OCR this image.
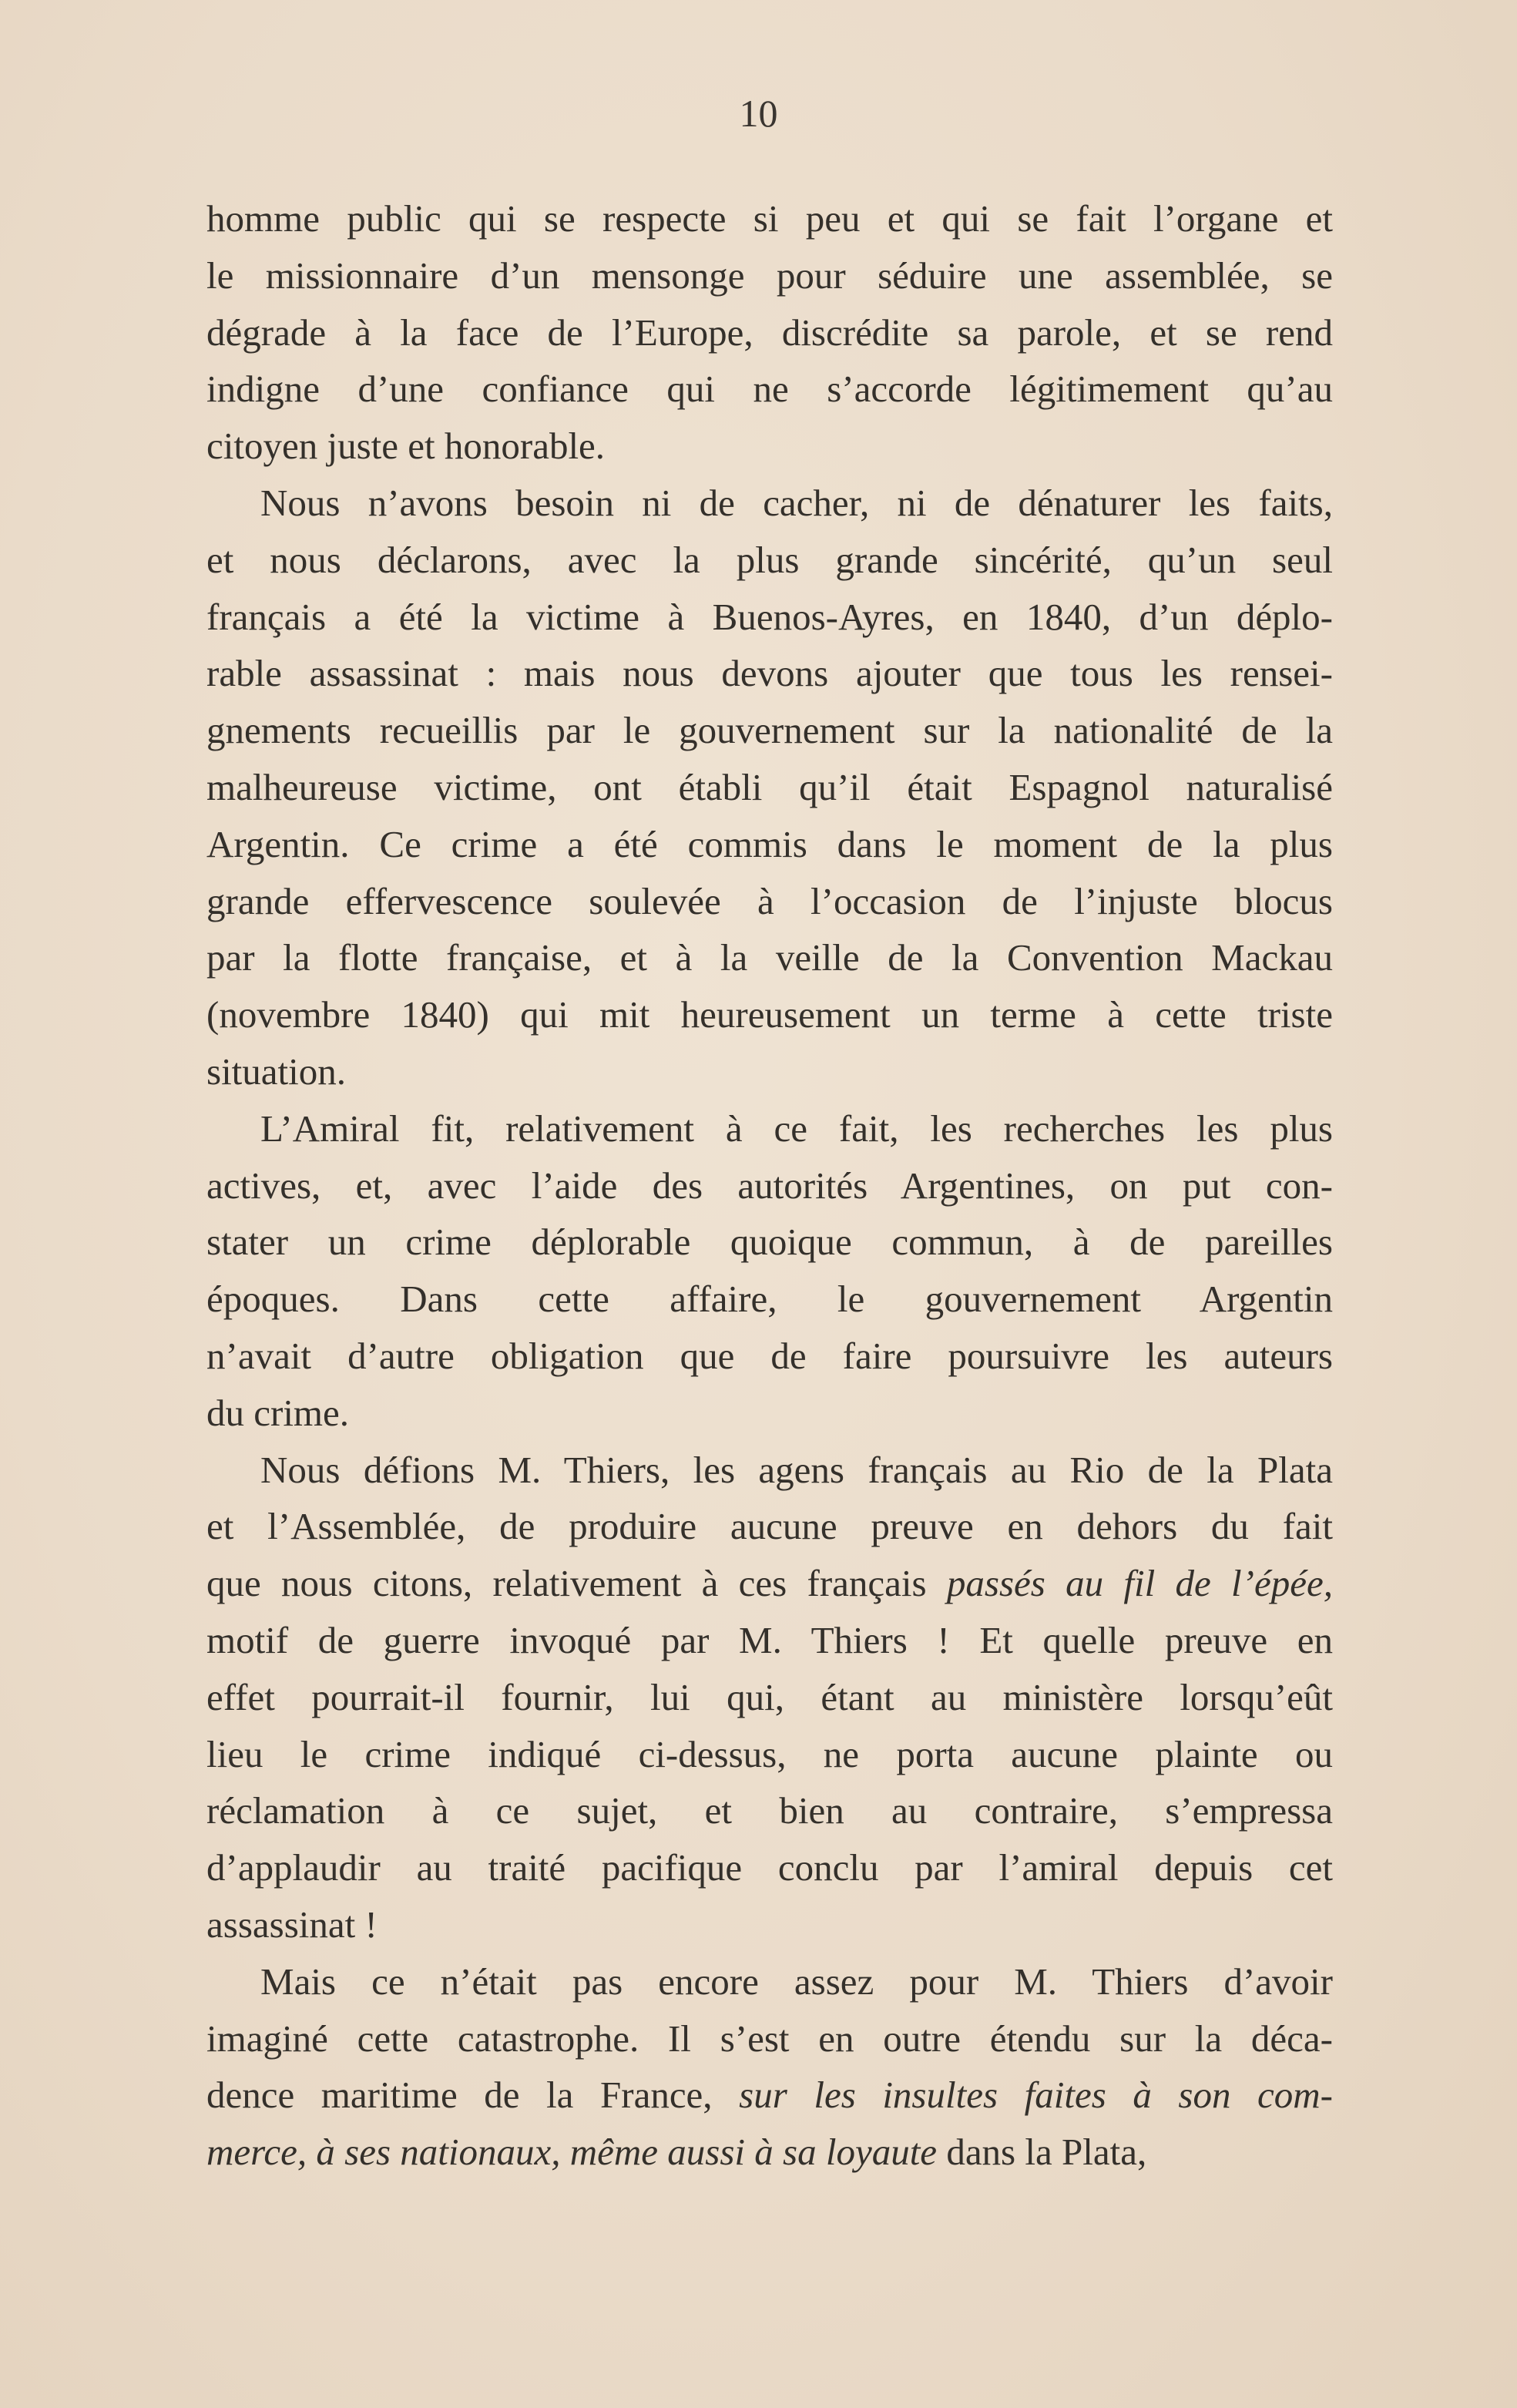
10
homme public qui se respecte si peu et qui se fait l’organe et
le missionnaire d’un mensonge pour séduire une assemblée, se
dégrade à la face de l’Europe, discrédite sa parole, et se rend
indigne d’une confiance qui ne s’accorde légitimement qu’au
citoyen juste et honorable.
Nous n’avons besoin ni de cacher, ni de dénaturer les faits,
et nous déclarons, avec la plus grande sincérité, qu’un seul
français a été la victime à Buenos-Ayres, en 1840, d’un déplo-
rable assassinat : mais nous devons ajouter que tous les rensei-
gnements recueillis par le gouvernement sur la nationalité de la
malheureuse victime, ont établi qu’il était Espagnol naturalisé
Argentin. Ce crime a été commis dans le moment de la plus
grande effervescence soulevée à l’occasion de l’injuste blocus
par la flotte française, et à la veille de la Convention Mackau
(novembre 1840) qui mit heureusement un terme à cette triste
situation.
L’Amiral fit, relativement à ce fait, les recherches les plus
actives, et, avec l’aide des autorités Argentines, on put con-
stater un crime déplorable quoique commun, à de pareilles
époques. Dans cette affaire, le gouvernement Argentin
n’avait d’autre obligation que de faire poursuivre les auteurs
du crime.
Nous défions M. Thiers, les agens français au Rio de la Plata
et l’Assemblée, de produire aucune preuve en dehors du fait
que nous citons, relativement à ces français passés au fil de l’épée,
motif de guerre invoqué par M. Thiers ! Et quelle preuve en
effet pourrait-il fournir, lui qui, étant au ministère lorsqu’eût
lieu le crime indiqué ci-dessus, ne porta aucune plainte ou
réclamation à ce sujet, et bien au contraire, s’empressa
d’applaudir au traité pacifique conclu par l’amiral depuis cet
assassinat !
Mais ce n’était pas encore assez pour M. Thiers d’avoir
imaginé cette catastrophe. Il s’est en outre étendu sur la déca-
dence maritime de la France, sur les insultes faites à son com-
merce, à ses nationaux, même aussi à sa loyaute dans la Plata,
